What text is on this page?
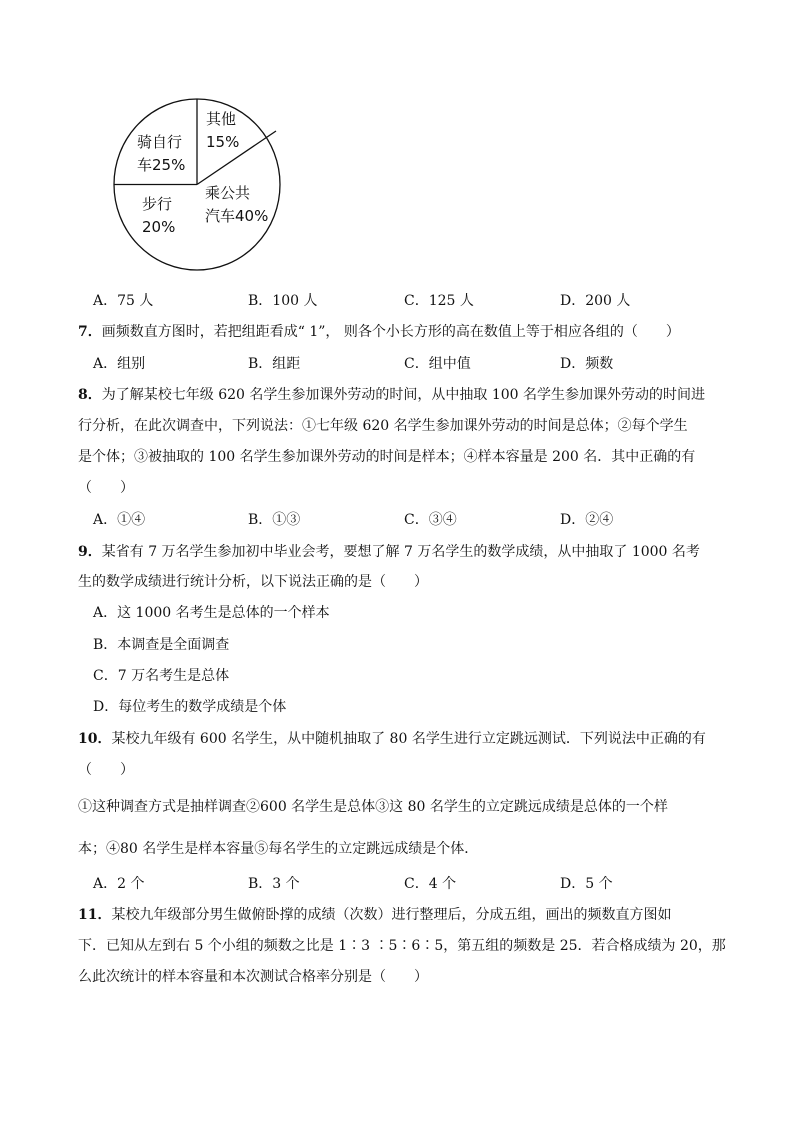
其他
15%
乘公共
汽车40%
步行
20%
骑自行
车25%
A．75 人	B．100 人	C．125 人	D．200 人
7．画频数直方图时，若把组距看成“ 1”， 则各个小长方形的高在数值上等于相应各组的（　　）
A．组别	B．组距	C．组中值	D．频数
8．为了解某校七年级 620 名学生参加课外劳动的时间，从中抽取 100 名学生参加课外劳动的时间进
行分析，在此次调查中，下列说法：①七年级 620 名学生参加课外劳动的时间是总体；②每个学生
是个体；③被抽取的 100 名学生参加课外劳动的时间是样本；④样本容量是 200 名．其中正确的有
（　　）
A．①④	B．①③	C．③④	D．②④
9．某省有 7 万名学生参加初中毕业会考，要想了解 7 万名学生的数学成绩，从中抽取了 1000 名考
生的数学成绩进行统计分析，以下说法正确的是（　　）
A．这 1000 名考生是总体的一个样本
B．本调查是全面调查
C．7 万名考生是总体
D．每位考生的数学成绩是个体
10．某校九年级有 600 名学生，从中随机抽取了 80 名学生进行立定跳远测试．下列说法中正确的有
（　　）
①这种调查方式是抽样调查②600 名学生是总体③这 80 名学生的立定跳远成绩是总体的一个样
本；④80 名学生是样本容量⑤每名学生的立定跳远成绩是个体．
A．2 个	B．3 个	C．4 个	D．5 个
11．某校九年级部分男生做俯卧撑的成绩（次数）进行整理后，分成五组，画出的频数直方图如
下．已知从左到右 5 个小组的频数之比是 1∶3 ∶5∶6∶5，第五组的频数是 25．若合格成绩为 20，那
么此次统计的样本容量和本次测试合格率分别是（　　）
